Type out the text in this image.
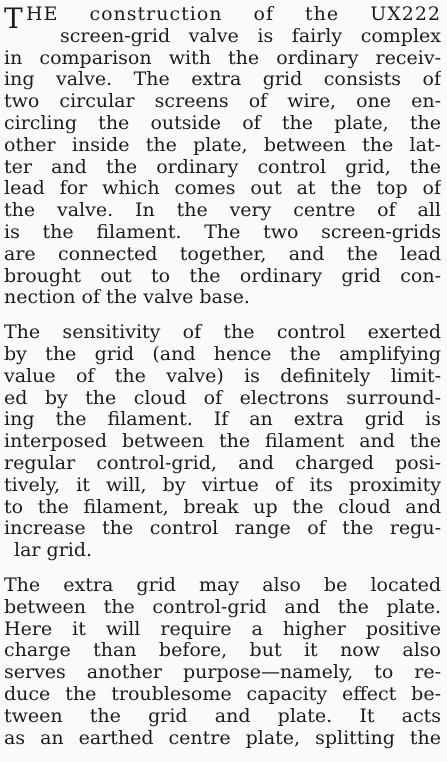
T HE construction of the UX222
screen-grid valve is fairly complex
in comparison with the ordinary receiv-
ing valve. The extra grid consists of
two circular screens of wire, one en-
circling the outside of the plate, the
other inside the plate, between the lat-
ter and the ordinary control grid, the
lead for which comes out at the top of
the valve. In the very centre of all
is the filament. The two screen-grids
are connected together, and the lead
brought out to the ordinary grid con-
nection of the valve base.
The sensitivity of the control exerted
by the grid (and hence the amplifying
value of the valve) is definitely limit-
ed by the cloud of electrons surround-
ing the filament. If an extra grid is
interposed between the filament and the
regular control-grid, and charged posi-
tively, it will, by virtue of its proximity
to the filament, break up the cloud and
increase the control range of the regu-
lar grid.
The extra grid may also be located
between the control-grid and the plate.
Here it will require a higher positive
charge than before, but it now also
serves another purpose—namely, to re-
duce the troublesome capacity effect be-
tween the grid and plate. It acts
as an earthed centre plate, splitting the
